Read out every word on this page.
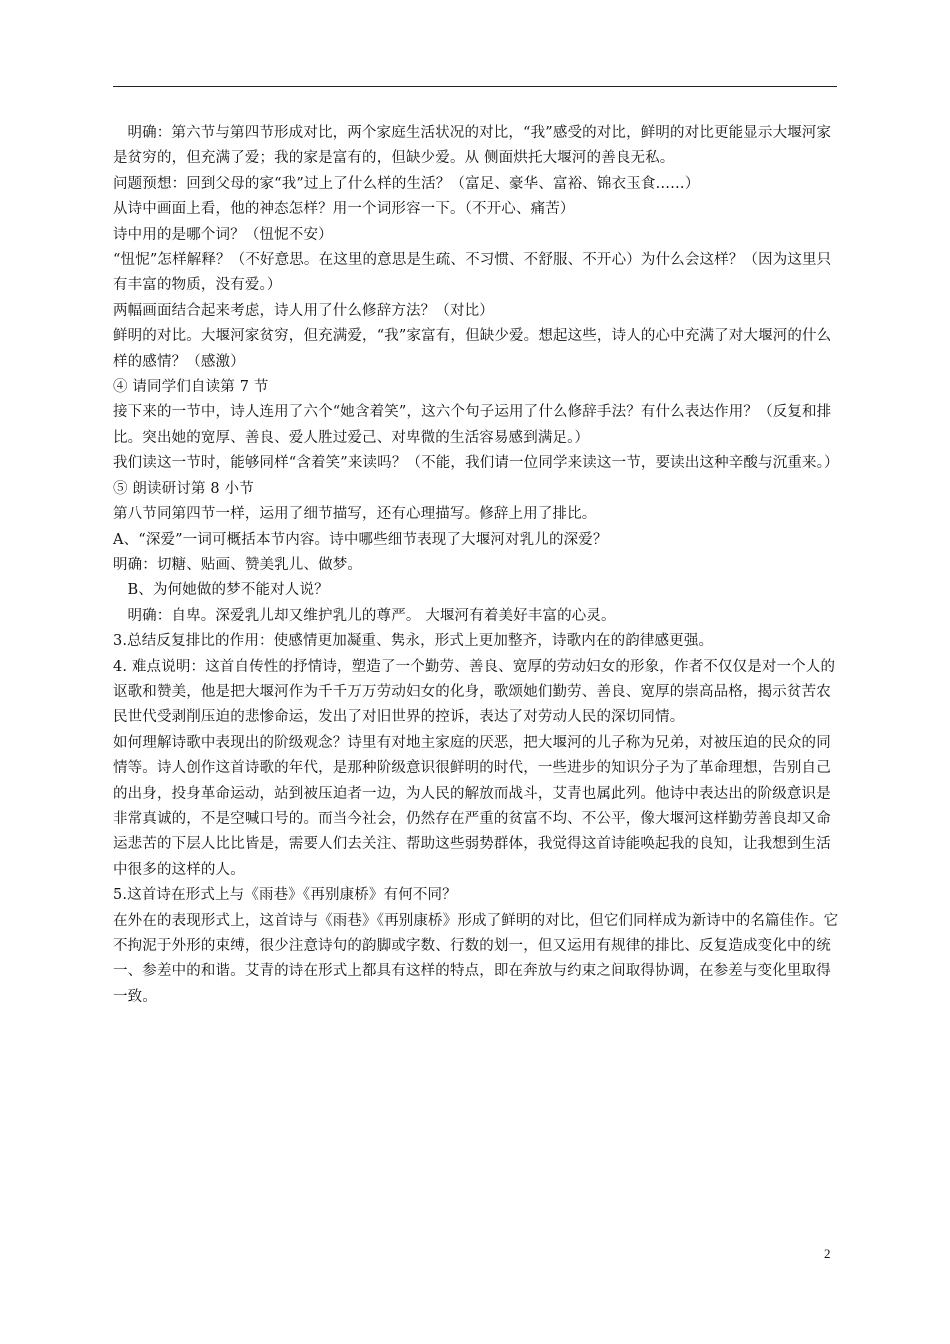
明确：第六节与第四节形成对比，两个家庭生活状况的对比，“我”感受的对比，鲜明的对比更能显示大堰河家是贫穷的，但充满了爱；我的家是富有的，但缺少爱。从 侧面烘托大堰河的善良无私。

问题预想：回到父母的家“我”过上了什么样的生活？（富足、豪华、富裕、锦衣玉食……）

从诗中画面上看，他的神态怎样？用一个词形容一下。（不开心、痛苦）

诗中用的是哪个词？（忸怩不安）

“忸怩”怎样解释？（不好意思。在这里的意思是生疏、不习惯、不舒服、不开心）为什么会这样？（因为这里只有丰富的物质，没有爱。）

两幅画面结合起来考虑，诗人用了什么修辞方法？（对比）

鲜明的对比。大堰河家贫穷，但充满爱，“我”家富有，但缺少爱。想起这些，诗人的心中充满了对大堰河的什么样的感情？（感激）

④ 请同学们自读第 7 节

接下来的一节中，诗人连用了六个“她含着笑”，这六个句子运用了什么修辞手法？有什么表达作用？（反复和排比。突出她的宽厚、善良、爱人胜过爱己、对卑微的生活容易感到满足。）

我们读这一节时，能够同样“含着笑”来读吗？（不能，我们请一位同学来读这一节，要读出这种辛酸与沉重来。）

⑤ 朗读研讨第 8 小节

第八节同第四节一样，运用了细节描写，还有心理描写。修辞上用了排比。

A、“深爱”一词可概括本节内容。诗中哪些细节表现了大堰河对乳儿的深爱？

明确：切糖、贴画、赞美乳儿、做梦。

B、为何她做的梦不能对人说？

明确：自卑。深爱乳儿却又维护乳儿的尊严。 大堰河有着美好丰富的心灵。

3.总结反复排比的作用：使感情更加凝重、隽永，形式上更加整齐，诗歌内在的韵律感更强。

4. 难点说明：这首自传性的抒情诗，塑造了一个勤劳、善良、宽厚的劳动妇女的形象，作者不仅仅是对一个人的讴歌和赞美，他是把大堰河作为千千万万劳动妇女的化身，歌颂她们勤劳、善良、宽厚的崇高品格，揭示贫苦农民世代受剥削压迫的悲惨命运，发出了对旧世界的控诉，表达了对劳动人民的深切同情。

如何理解诗歌中表现出的阶级观念？诗里有对地主家庭的厌恶，把大堰河的儿子称为兄弟，对被压迫的民众的同情等。诗人创作这首诗歌的年代，是那种阶级意识很鲜明的时代，一些进步的知识分子为了革命理想，告别自己的出身，投身革命运动，站到被压迫者一边，为人民的解放而战斗，艾青也属此列。他诗中表达出的阶级意识是非常真诚的，不是空喊口号的。而当今社会，仍然存在严重的贫富不均、不公平，像大堰河这样勤劳善良却又命运悲苦的下层人比比皆是，需要人们去关注、帮助这些弱势群体，我觉得这首诗能唤起我的良知，让我想到生活中很多的这样的人。

5.这首诗在形式上与《雨巷》《再别康桥》有何不同？

在外在的表现形式上，这首诗与《雨巷》《再别康桥》形成了鲜明的对比，但它们同样成为新诗中的名篇佳作。它不拘泥于外形的束缚，很少注意诗句的韵脚或字数、行数的划一，但又运用有规律的排比、反复造成变化中的统一、参差中的和谐。艾青的诗在形式上都具有这样的特点，即在奔放与约束之间取得协调，在参差与变化里取得一致。

2
